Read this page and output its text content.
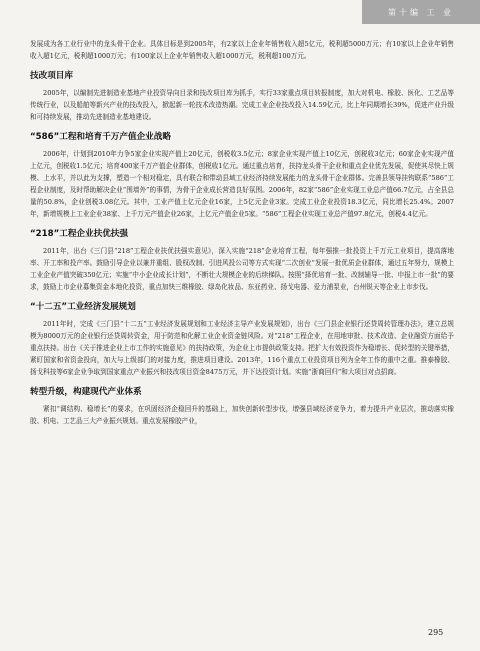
第十编 工 业

发展成为各工业行业中的龙头骨干企业。具体目标是到2005年，有2家以上企业年销售收入超5亿元，税利超5000万元；有10家以上企业年销售收入超1亿元，税利超1000万元；有100家以上企业年销售收入超1000万元，税利超100万元。

技改项目库

2005年，以编制先进制造业基地产业投资导向目录和技改项目库为抓手，实行33家重点项目转报制度，加大对机电、橡胶、医化、工艺品等传统行业，以及船舶等新兴产业的技改投入，掀起新一轮技术改造热潮。完成工业企业技改投入14.59亿元，比上年同期增长39%，促进产业升级和可持续发展，推动先进制造业基地建设。

“586”工程和培育千万产值企业战略

2006年，计划到2010年力争5家企业实现产值上20亿元，创税收3.5亿元；8家企业实现产值上10亿元，创税收3亿元；60家企业实现产值上亿元，创税收1.5亿元；培育400家千万产值企业群体，创税收1亿元。通过重点培育，扶持龙头骨干企业和重点企业优先发展，促使其尽快上规模、上水平，并以此为支撑，塑造一个相对稳定，具有联合和带动县域工业经济持续发展能力的龙头骨干企业群体。完善县领导挂钩联系“586”工程企业制度，及时帮助解决企业“围墙外”的事情，为骨干企业成长营造良好氛围。2006年，82家“586”企业实现工业总产值66.7亿元，占全县总量的50.8%，企业创税3.08亿元。其中，工业产值上亿元企业16家，上5亿元企业3家。完成工业企业投资18.3亿元，同比增长25.4%。2007年，新增规模上工业企业38家、上千万元产值企业26家，上亿元产值企业5家。“586”工程企业实现工业总产值97.8亿元，创税4.4亿元。

“218”工程企业扶优扶强

2011年，出台《三门县“218”工程企业扶优扶强实意见》，深入实施“218”企业培育工程，每年强推一批投资上千万元工业项目，提高落地率、开工率和投产率。鼓励引导企业以兼并重组、股权改制、引进风投公司等方式实现“二次创业”发展一批优质企业群体，通过五年努力，规模上工业企业产值突破350亿元；实施“中小企业成长计划”，不断壮大规模企业的后续梯队。按照“择优培育一批、改制辅导一批、申报上市一批”的要求，鼓励上市企业募集资金本地化投资，重点加快三维橡胶、绿岛化妆品、东亚药业、扬戈电器、爱力浦泵业，台州锐天等企业上市步伐。

“十二五”工业经济发展规划

2011年时，完成《三门县“十二五”工业经济发展规划和工业经济主导产业发展规划》，出台《三门县企业银行还贷周转管理办法》，建立总规模为8000万元的企业银行还贷周转资金，用于防范和化解工业企业资金链风险。对“218”工程企业，在用地审批、技术改造、企业融资方面给予重点扶持。出台《关于推进企业上市工作的实施意见》的扶持政策，为企业上市提供政策支持。把扩大有效投资作为稳增长、促转型的关键举措，紧盯国家和省资金投向，加大与上级部门的对接力度，推进项目建设。2013年，116个重点工业投资项目列为全年工作的重中之重。推泰橡胶、扬戈科技等6家企业争取到国家重点产业振兴和技改项目资金8475万元，并下达投资计划。实施“浙商回归”和大项目对点招商。

转型升级，构建现代产业体系

紧扣“调结构、稳增长”的要求，在巩固经济企稳回升的基础上，加快创新转型步伐，增强县域经济竞争力，着力提升产业层次，推动落实橡胶、机电、工艺品三大产业振兴规划。重点发展橡胶产业，

295
